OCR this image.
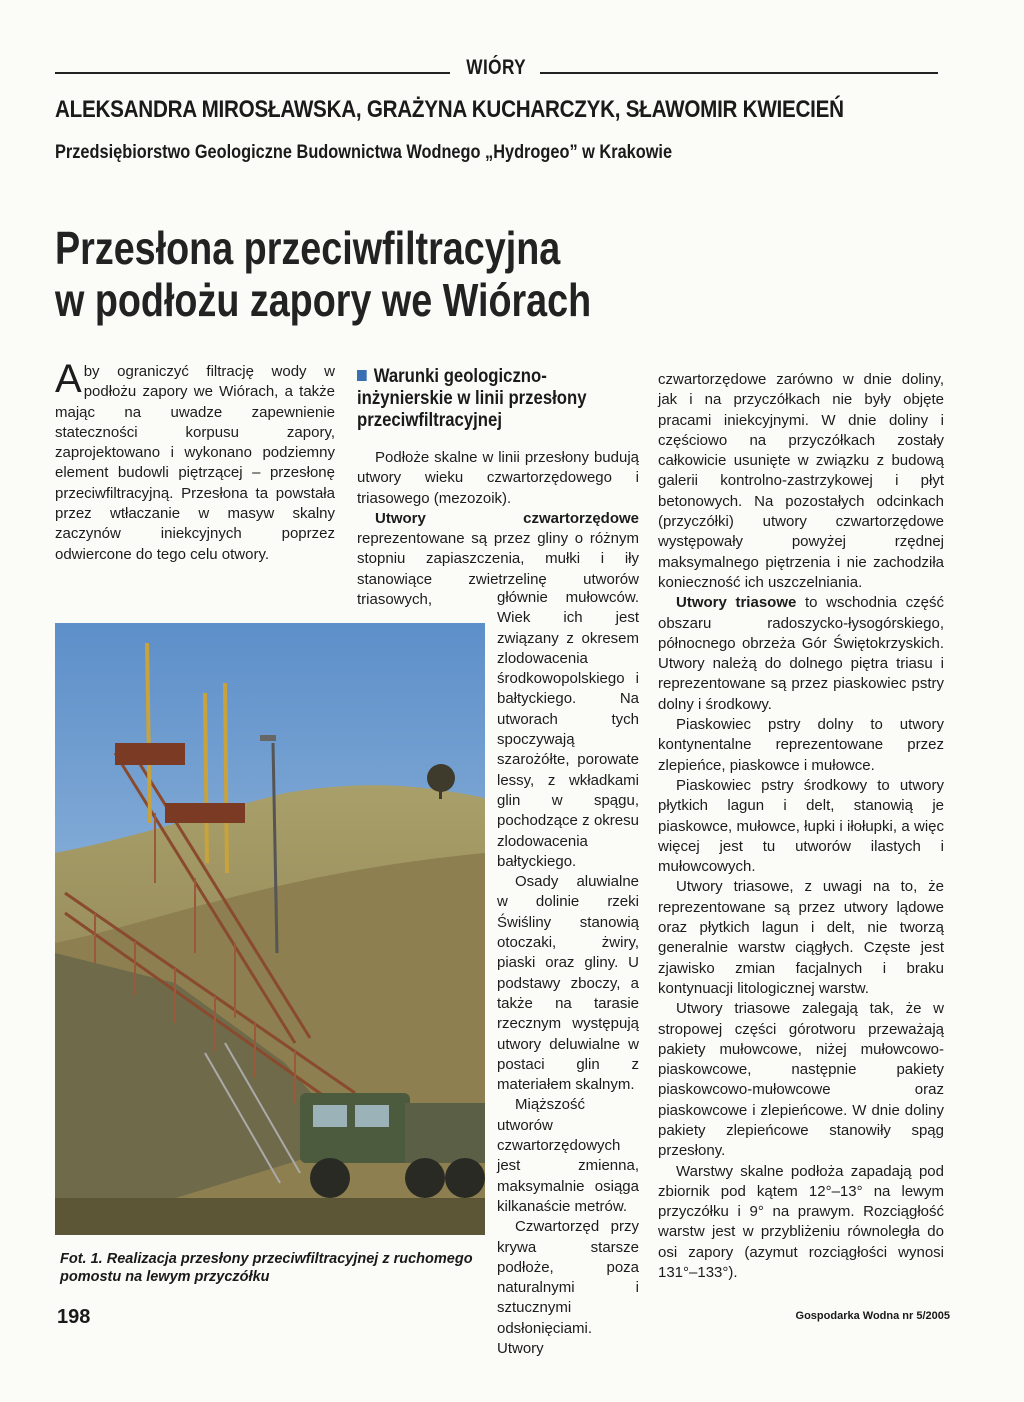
WIÓRY
ALEKSANDRA MIROSŁAWSKA, GRAŻYNA KUCHARCZYK, SŁAWOMIR KWIECIEŃ
Przedsiębiorstwo Geologiczne Budownictwa Wodnego „Hydrogeo” w Krakowie
Przesłona przeciwfiltracyjna
w podłożu zapory we Wiórach

Aby ograniczyć filtrację wody w podłożu zapory we Wiórach, a także mając na uwadze zapewnienie stateczności korpusu zapory, zaprojektowano i wykonano podziemny element budowli piętrzącej – przesłonę przeciwfiltracyjną. Przesłona ta powstała przez wtłaczanie w masyw skalny zaczynów iniekcyjnych poprzez odwiercone do tego celu otwory.

Fot. 1. Realizacja przesłony przeciwfiltracyjnej z ruchomego pomostu na lewym przyczółku
Warunki geologiczno-inżynierskie w linii przesłony przeciwfiltracyjnej

Podłoże skalne w linii przesłony budują utwory wieku czwartorzędowego i triasowego (mezozoik).

Utwory czwartorzędowe reprezentowane są przez gliny o różnym stopniu zapiaszczenia, mułki i iły stanowiące zwietrzelinę utworów triasowych,	głównie mułowców. Wiek ich jest związany z okresem zlodowacenia środkowopolskiego i bałtyckiego. Na utworach tych spoczywają szarożółte, porowate lessy, z wkładkami glin w spągu, pochodzące z okresu zlodowacenia bałtyckiego.

Osady aluwialne w dolinie rzeki Świśliny stanowią otoczaki, żwiry, piaski oraz gliny. U podstawy zboczy, a także na tarasie rzecznym występują utwory deluwialne w postaci glin z materiałem skalnym.

Miąższość utworów czwartorzędowych jest zmienna, maksymalnie osiąga kilkanaście metrów.

Czwartorzęd przy krywa starsze podłoże, poza naturalnymi i sztucznymi odsłonięciami. Utwory

czwartorzędowe zarówno w dnie doliny, jak i na przyczółkach nie były objęte pracami iniekcyjnymi. W dnie doliny i częściowo na przyczółkach zostały całkowicie usunięte w związku z budową galerii kontrolno-zastrzykowej i płyt betonowych. Na pozostałych odcinkach (przyczółki) utwory czwartorzędowe występowały powyżej rzędnej maksymalnego piętrzenia i nie zachodziła konieczność ich uszczelniania.

Utwory triasowe to wschodnia część obszaru radoszycko-łysogórskiego, północnego obrzeża Gór Świętokrzyskich. Utwory należą do dolnego piętra triasu i reprezentowane są przez piaskowiec pstry dolny i środkowy.

Piaskowiec pstry dolny to utwory kontynentalne reprezentowane przez zlepieńce, piaskowce i mułowce.

Piaskowiec pstry środkowy to utwory płytkich lagun i delt, stanowią je piaskowce, mułowce, łupki i iłołupki, a więc więcej jest tu utworów ilastych i mułowcowych.

Utwory triasowe, z uwagi na to, że reprezentowane są przez utwory lądowe oraz płytkich lagun i delt, nie tworzą generalnie warstw ciągłych. Częste jest zjawisko zmian facjalnych i braku kontynuacji litologicznej warstw.

Utwory triasowe zalegają tak, że w stropowej części górotworu przeważają pakiety mułowcowe, niżej mułowcowo-piaskowcowe, następnie pakiety piaskowcowo-mułowcowe oraz piaskowcowe i zlepieńcowe. W dnie doliny pakiety zlepieńcowe stanowiły spąg przesłony.

Warstwy skalne podłoża zapadają pod zbiornik pod kątem 12°–13° na lewym przyczółku i 9° na prawym. Rozciągłość warstw jest w przybliżeniu równoległa do osi zapory (azymut rozciągłości wynosi 131°–133°).

198	Gospodarka Wodna nr 5/2005
